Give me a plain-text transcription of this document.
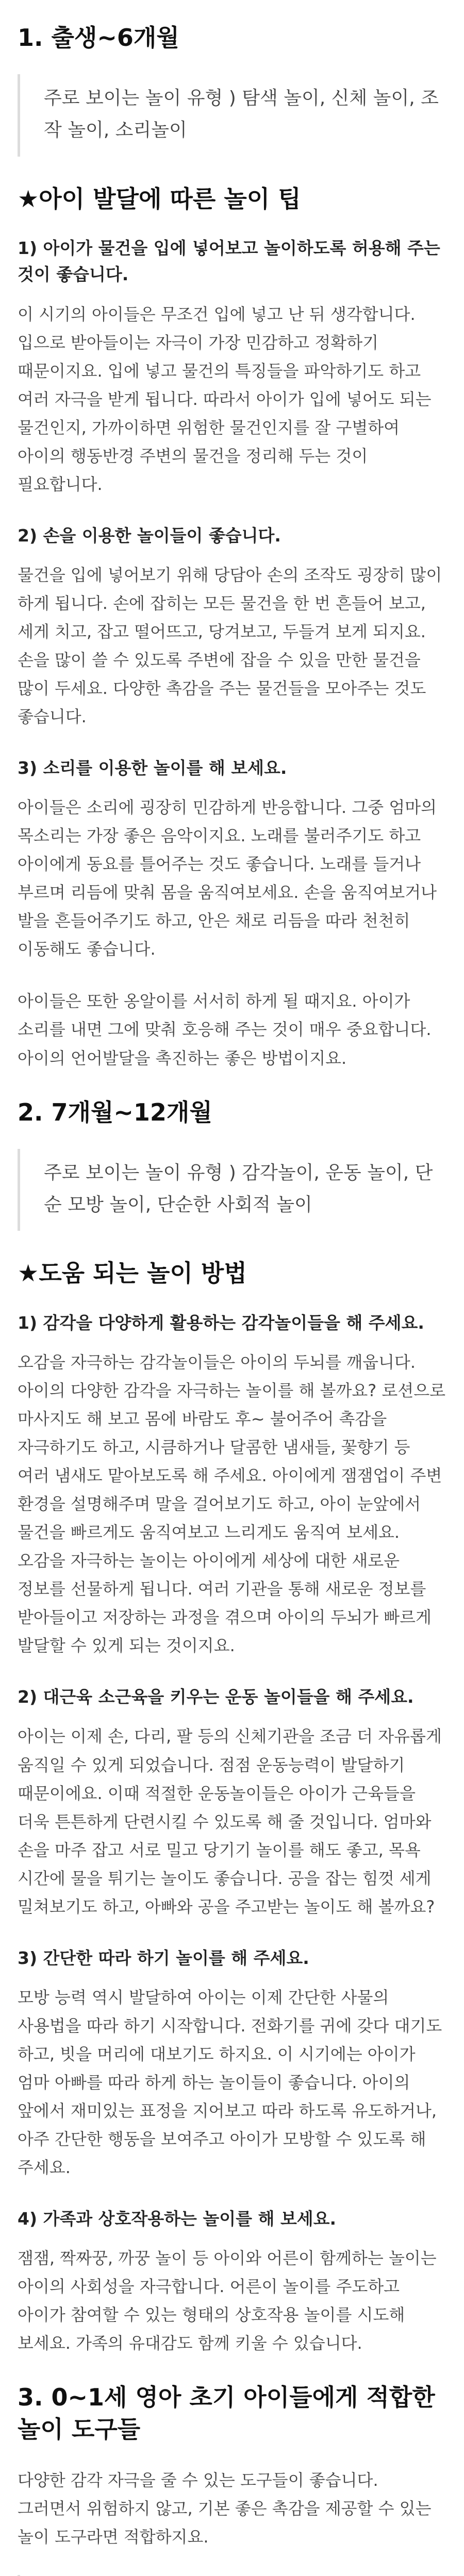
1. 출생~6개월
주로 보이는 놀이 유형 ) 탐색 놀이, 신체 놀이, 조작 놀이, 소리놀이
★아이 발달에 따른 놀이 팁
1) 아이가 물건을 입에 넣어보고 놀이하도록 허용해 주는 것이 좋습니다.

이 시기의 아이들은 무조건 입에 넣고 난 뒤 생각합니다. 입으로 받아들이는 자극이 가장 민감하고 정확하기 때문이지요. 입에 넣고 물건의 특징들을 파악하기도 하고 여러 자극을 받게 됩니다. 따라서 아이가 입에 넣어도 되는 물건인지, 가까이하면 위험한 물건인지를 잘 구별하여 아이의 행동반경 주변의 물건을 정리해 두는 것이 필요합니다.

2) 손을 이용한 놀이들이 좋습니다.

물건을 입에 넣어보기 위해 당담아 손의 조작도 굉장히 많이 하게 됩니다. 손에 잡히는 모든 물건을 한 번 흔들어 보고, 세게 치고, 잡고 떨어뜨고, 당겨보고, 두들겨 보게 되지요. 손을 많이 쓸 수 있도록 주변에 잡을 수 있을 만한 물건을 많이 두세요. 다양한 촉감을 주는 물건들을 모아주는 것도 좋습니다.

3) 소리를 이용한 놀이를 해 보세요.

아이들은 소리에 굉장히 민감하게 반응합니다. 그중 엄마의 목소리는 가장 좋은 음악이지요. 노래를 불러주기도 하고 아이에게 동요를 틀어주는 것도 좋습니다. 노래를 들거나 부르며 리듬에 맞춰 몸을 움직여보세요. 손을 움직여보거나 발을 흔들어주기도 하고, 안은 채로 리듬을 따라 천천히 이동해도 좋습니다.

아이들은 또한 옹알이를 서서히 하게 될 때지요. 아이가 소리를 내면 그에 맞춰 호응해 주는 것이 매우 중요합니다. 아이의 언어발달을 촉진하는 좋은 방법이지요.

2. 7개월~12개월
주로 보이는 놀이 유형 ) 감각놀이, 운동 놀이, 단순 모방 놀이, 단순한 사회적 놀이
★도움 되는 놀이 방법
1) 감각을 다양하게 활용하는 감각놀이들을 해 주세요.

오감을 자극하는 감각놀이들은 아이의 두뇌를 깨웁니다. 아이의 다양한 감각을 자극하는 놀이를 해 볼까요? 로션으로 마사지도 해 보고 몸에 바람도 후~ 불어주어 촉감을 자극하기도 하고, 시큼하거나 달콤한 냄새들, 꽃향기 등 여러 냄새도 맡아보도록 해 주세요. 아이에게 잼잼업이 주변 환경을 설명해주며 말을 걸어보기도 하고, 아이 눈앞에서 물건을 빠르게도 움직여보고 느리게도 움직여 보세요. 오감을 자극하는 놀이는 아이에게 세상에 대한 새로운 정보를 선물하게 됩니다. 여러 기관을 통해 새로운 정보를 받아들이고 저장하는 과정을 겪으며 아이의 두뇌가 빠르게 발달할 수 있게 되는 것이지요.

2) 대근육 소근육을 키우는 운동 놀이들을 해 주세요.

아이는 이제 손, 다리, 팔 등의 신체기관을 조금 더 자유롭게 움직일 수 있게 되었습니다. 점점 운동능력이 발달하기 때문이에요. 이때 적절한 운동놀이들은 아이가 근육들을 더욱 튼튼하게 단련시킬 수 있도록 해 줄 것입니다. 엄마와 손을 마주 잡고 서로 밀고 당기기 놀이를 해도 좋고, 목욕 시간에 물을 튀기는 놀이도 좋습니다. 공을 잡는 힘껏 세게 밀쳐보기도 하고, 아빠와 공을 주고받는 놀이도 해 볼까요?

3) 간단한 따라 하기 놀이를 해 주세요.

모방 능력 역시 발달하여 아이는 이제 간단한 사물의 사용법을 따라 하기 시작합니다. 전화기를 귀에 갖다 대기도 하고, 빗을 머리에 대보기도 하지요. 이 시기에는 아이가 엄마 아빠를 따라 하게 하는 놀이들이 좋습니다. 아이의 앞에서 재미있는 표정을 지어보고 따라 하도록 유도하거나, 아주 간단한 행동을 보여주고 아이가 모방할 수 있도록 해 주세요.

4) 가족과 상호작용하는 놀이를 해 보세요.

잼잼, 짝짜꿍, 까꿍 놀이 등 아이와 어른이 함께하는 놀이는 아이의 사회성을 자극합니다. 어른이 놀이를 주도하고 아이가 참여할 수 있는 형태의 상호작용 놀이를 시도해 보세요. 가족의 유대감도 함께 키울 수 있습니다.

3. 0~1세 영아 초기 아이들에게 적합한 놀이 도구들

다양한 감각 자극을 줄 수 있는 도구들이 좋습니다. 그러면서 위험하지 않고, 기본 좋은 촉감을 제공할 수 있는 놀이 도구라면 적합하지요.
